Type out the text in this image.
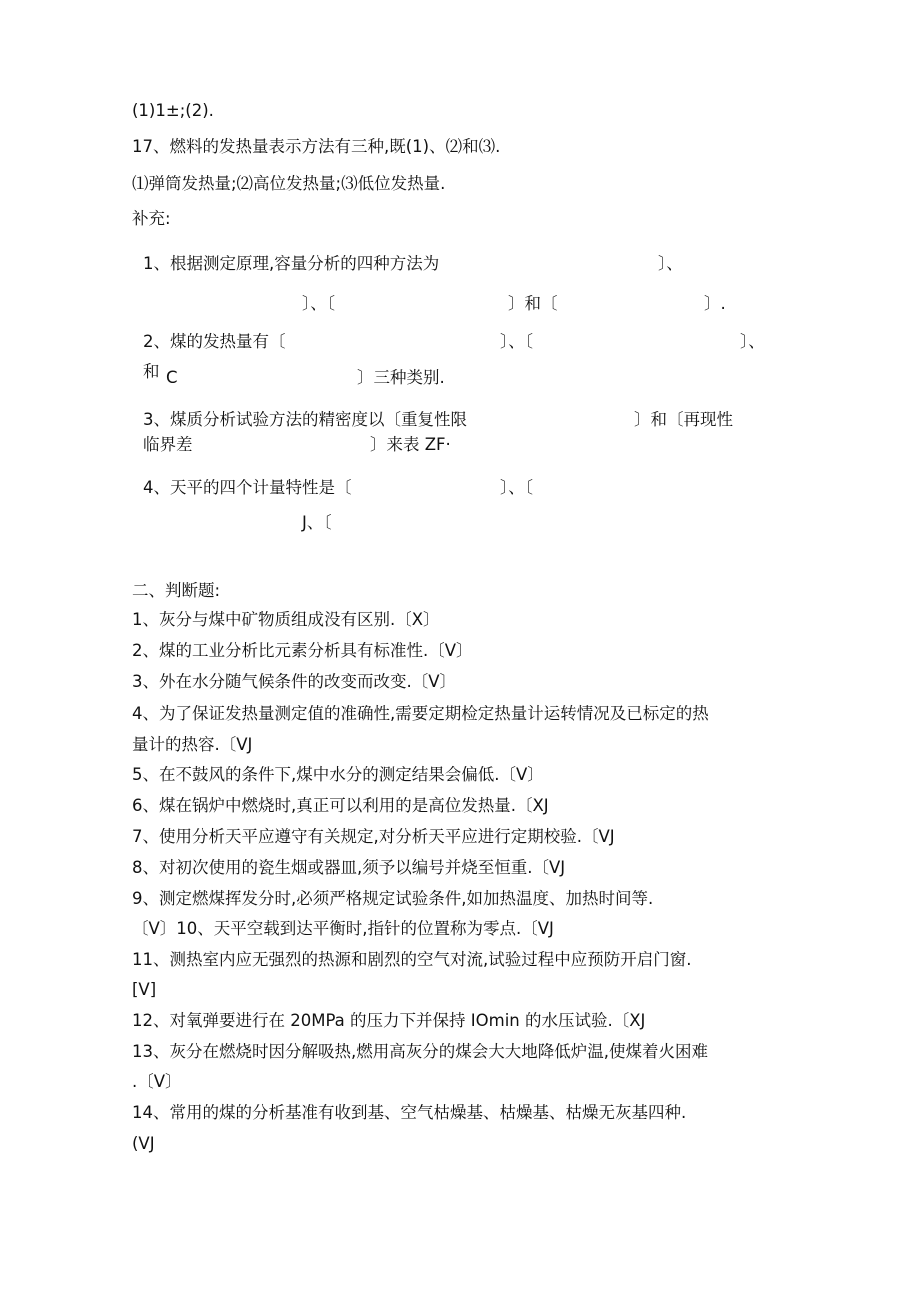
(1)1±;(2).
17、燃料的发热量表示方法有三种,既(1)、⑵和⑶.
⑴弹筒发热量;⑵高位发热量;⑶低位发热量.
补充:
1、根据测定原理,容量分析的四种方法为	〕、
〕、〔	〕和〔	〕.
2、煤的发热量有〔	〕、〔	〕、
和 C	〕三种类别.
3、煤质分析试验方法的精密度以〔重复性限	〕和〔再现性
临界差	〕来表 ZF·
4、天平的四个计量特性是〔	〕、〔
J、〔
二、判断题:
1、灰分与煤中矿物质组成没有区别.〔X〕
2、煤的工业分析比元素分析具有标准性.〔V〕
3、外在水分随气候条件的改变而改变.〔V〕
4、为了保证发热量测定值的准确性,需要定期检定热量计运转情况及已标定的热
量计的热容.〔VJ
5、在不鼓风的条件下,煤中水分的测定结果会偏低.〔V〕
6、煤在锅炉中燃烧时,真正可以利用的是高位发热量.〔XJ
7、使用分析天平应遵守有关规定,对分析天平应进行定期校验.〔VJ
8、对初次使用的瓷生烟或器皿,须予以编号并烧至恒重.〔VJ
9、测定燃煤挥发分时,必须严格规定试验条件,如加热温度、加热时间等.
〔V〕10、天平空载到达平衡时,指针的位置称为零点.〔VJ
11、测热室内应无强烈的热源和剧烈的空气对流,试验过程中应预防开启门窗.
[V]
12、对氧弹要进行在 20MPa 的压力下并保持 IOmin 的水压试验.〔XJ
13、灰分在燃烧时因分解吸热,燃用高灰分的煤会大大地降低炉温,使煤着火困难
.〔V〕
14、常用的煤的分析基准有收到基、空气枯燥基、枯燥基、枯燥无灰基四种.
(VJ
